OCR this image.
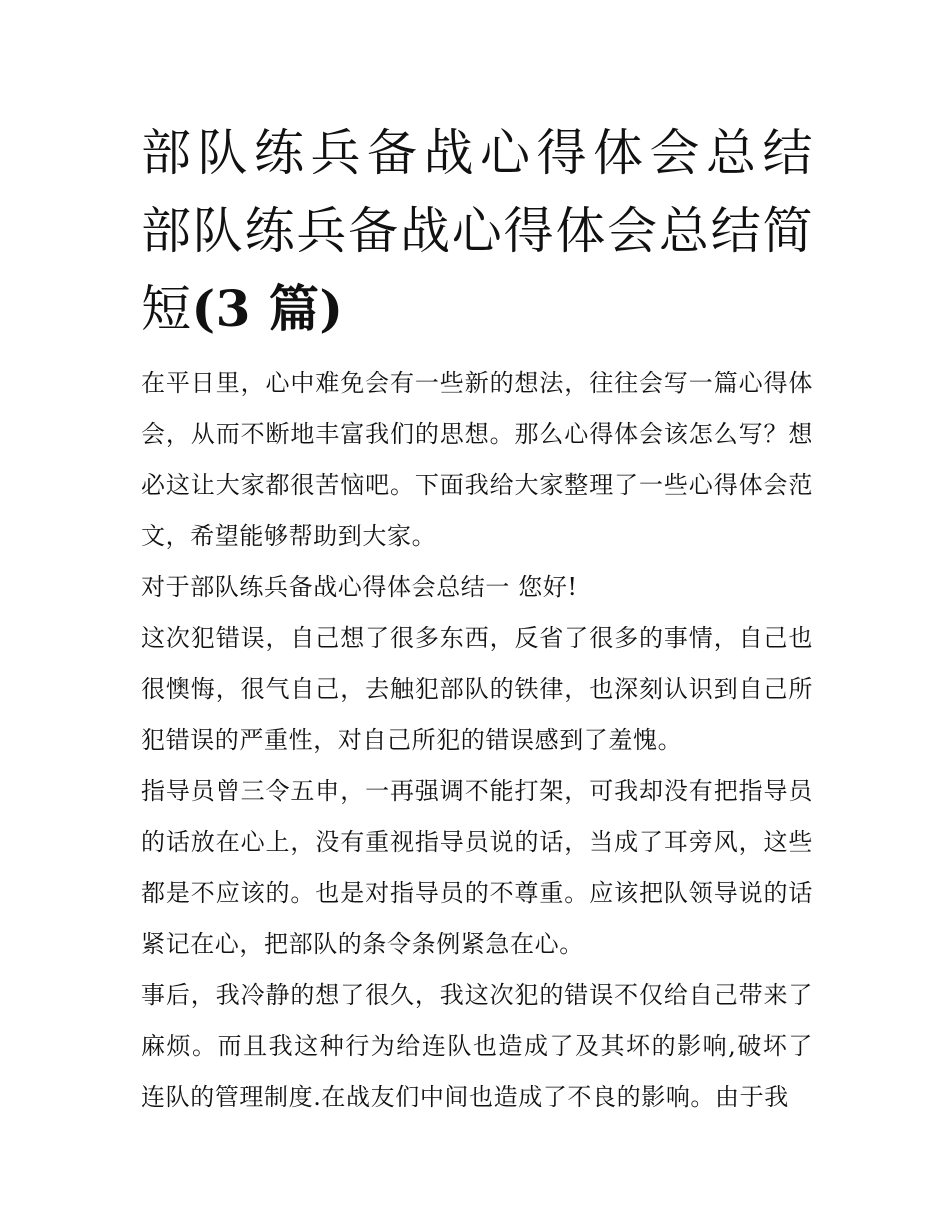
部队练兵备战心得体会总结 部队练兵备战心得体会总结简短(3 篇)

在平日里，心中难免会有一些新的想法，往往会写一篇心得体会，从而不断地丰富我们的思想。那么心得体会该怎么写？想必这让大家都很苦恼吧。下面我给大家整理了一些心得体会范文，希望能够帮助到大家。

对于部队练兵备战心得体会总结一 您好!

这次犯错误，自己想了很多东西，反省了很多的事情，自己也很懊悔，很气自己，去触犯部队的铁律，也深刻认识到自己所犯错误的严重性，对自己所犯的错误感到了羞愧。

指导员曾三令五申，一再强调不能打架，可我却没有把指导员的话放在心上，没有重视指导员说的话，当成了耳旁风，这些都是不应该的。也是对指导员的不尊重。应该把队领导说的话紧记在心，把部队的条令条例紧急在心。

事后，我冷静的想了很久，我这次犯的错误不仅给自己带来了麻烦。而且我这种行为给连队也造成了及其坏的影响,破坏了连队的管理制度.在战友们中间也造成了不良的影响。由于我
